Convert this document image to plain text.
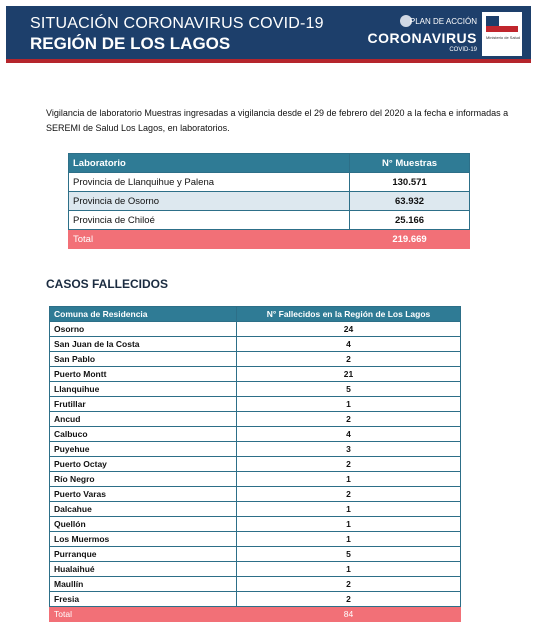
SITUACIÓN CORONAVIRUS COVID-19
REGIÓN DE LOS LAGOS
PLAN DE ACCIÓN
CORONAVIRUS
COVID-19
Ministerio de Salud
Vigilancia de laboratorio Muestras ingresadas a vigilancia desde el 29 de febrero del 2020 a la fecha e informadas a SEREMI de Salud Los Lagos, en laboratorios.
Laboratorio	N° Muestras
Provincia de Llanquihue y Palena	130.571
Provincia de Osorno	63.932
Provincia de Chiloé	25.166
Total	219.669
CASOS FALLECIDOS
Comuna de Residencia	N° Fallecidos en la Región de Los Lagos
Osorno	24
San Juan de la Costa	4
San Pablo	2
Puerto Montt	21
Llanquihue	5
Frutillar	1
Ancud	2
Calbuco	4
Puyehue	3
Puerto Octay	2
Río Negro	1
Puerto Varas	2
Dalcahue	1
Quellón	1
Los Muermos	1
Purranque	5
Hualaihué	1
Maullín	2
Fresia	2
Total	84
